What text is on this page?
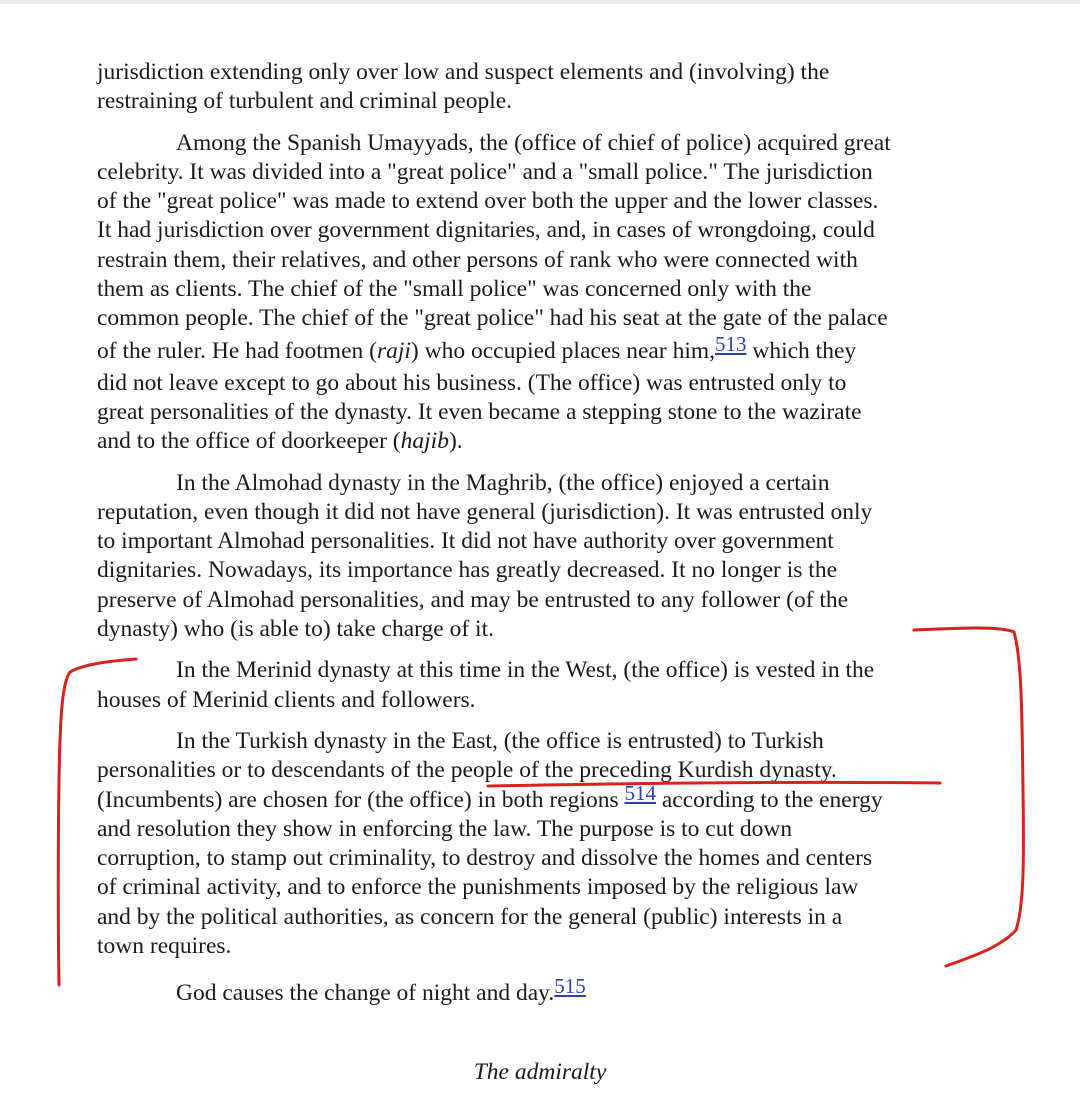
jurisdiction extending only over low and suspect elements and (involving) the
restraining of turbulent and criminal people.

Among the Spanish Umayyads, the (office of chief of police) acquired great
celebrity. It was divided into a "great police" and a "small police." The jurisdiction
of the "great police" was made to extend over both the upper and the lower classes.
It had jurisdiction over government dignitaries, and, in cases of wrongdoing, could
restrain them, their relatives, and other persons of rank who were connected with
them as clients. The chief of the "small police" was concerned only with the
common people. The chief of the "great police" had his seat at the gate of the palace
of the ruler. He had footmen (raji) who occupied places near him,513 which they
did not leave except to go about his business. (The office) was entrusted only to
great personalities of the dynasty. It even became a stepping stone to the wazirate
and to the office of doorkeeper (hajib).

In the Almohad dynasty in the Maghrib, (the office) enjoyed a certain
reputation, even though it did not have general (jurisdiction). It was entrusted only
to important Almohad personalities. It did not have authority over government
dignitaries. Nowadays, its importance has greatly decreased. It no longer is the
preserve of Almohad personalities, and may be entrusted to any follower (of the
dynasty) who (is able to) take charge of it.

In the Merinid dynasty at this time in the West, (the office) is vested in the
houses of Merinid clients and followers.

In the Turkish dynasty in the East, (the office is entrusted) to Turkish
personalities or to descendants of the people of the preceding Kurdish dynasty.
(Incumbents) are chosen for (the office) in both regions 514 according to the energy
and resolution they show in enforcing the law. The purpose is to cut down
corruption, to stamp out criminality, to destroy and dissolve the homes and centers
of criminal activity, and to enforce the punishments imposed by the religious law
and by the political authorities, as concern for the general (public) interests in a
town requires.

God causes the change of night and day.515

The admiralty
